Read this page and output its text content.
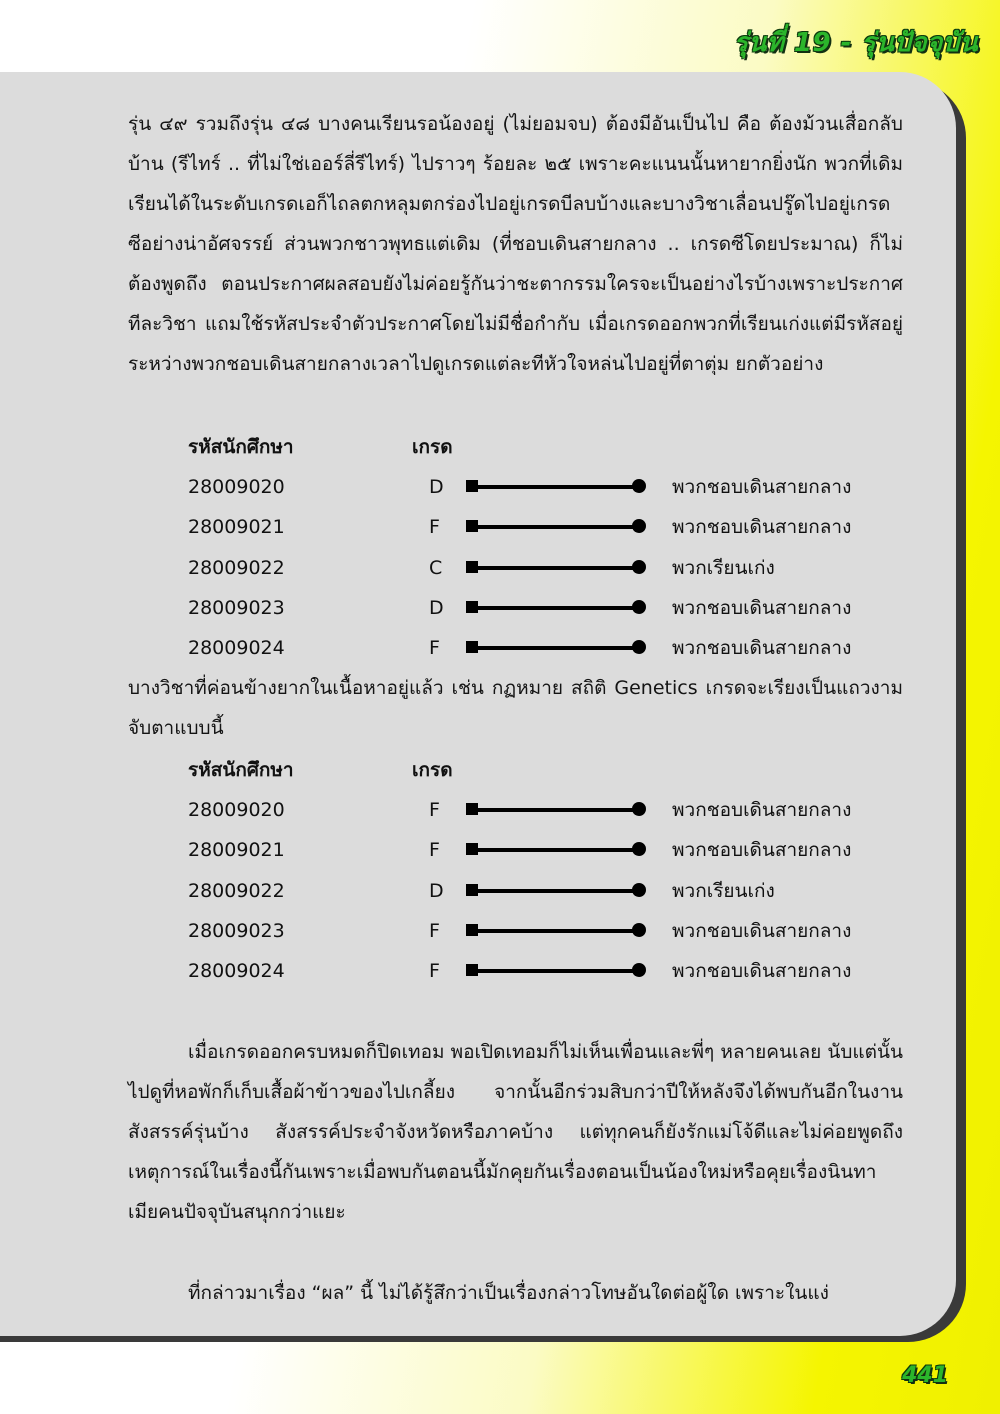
รุ่นที่ 19 - รุ่นปัจจุบัน
รุ่น ๔๙ รวมถึงรุ่น ๔๘ บางคนเรียนรอน้องอยู่ (ไม่ยอมจบ) ต้องมีอันเป็นไป คือ ต้องม้วนเสื่อกลับบ้าน (รีไทร์ .. ที่ไม่ใช่เออร์ลี่รีไทร์) ไปราวๆ ร้อยละ ๒๕ เพราะคะแนนนั้นหายากยิ่งนัก พวกที่เดิมเรียนได้ในระดับเกรดเอก็ไถลตกหลุมตกร่องไปอยู่เกรดบีลบบ้างและบางวิชาเลื่อนปรู๊ดไปอยู่เกรดซีอย่างน่าอัศจรรย์ ส่วนพวกชาวพุทธแต่เดิม (ที่ชอบเดินสายกลาง .. เกรดซีโดยประมาณ) ก็ไม่ต้องพูดถึง ตอนประกาศผลสอบยังไม่ค่อยรู้กันว่าชะตากรรมใครจะเป็นอย่างไรบ้างเพราะประกาศทีละวิชา แถมใช้รหัสประจำตัวประกาศโดยไม่มีชื่อกำกับ เมื่อเกรดออกพวกที่เรียนเก่งแต่มีรหัสอยู่ระหว่างพวกชอบเดินสายกลางเวลาไปดูเกรดแต่ละทีหัวใจหล่นไปอยู่ที่ตาตุ่ม ยกตัวอย่าง
รหัสนักศึกษา	เกรด
28009020	D	พวกชอบเดินสายกลาง
28009021	F	พวกชอบเดินสายกลาง
28009022	C	พวกเรียนเก่ง
28009023	D	พวกชอบเดินสายกลาง
28009024	F	พวกชอบเดินสายกลาง
บางวิชาที่ค่อนข้างยากในเนื้อหาอยู่แล้ว เช่น กฏหมาย สถิติ Genetics เกรดจะเรียงเป็นแถวงามจับตาแบบนี้
รหัสนักศึกษา	เกรด
28009020	F	พวกชอบเดินสายกลาง
28009021	F	พวกชอบเดินสายกลาง
28009022	D	พวกเรียนเก่ง
28009023	F	พวกชอบเดินสายกลาง
28009024	F	พวกชอบเดินสายกลาง
เมื่อเกรดออกครบหมดก็ปิดเทอม พอเปิดเทอมก็ไม่เห็นเพื่อนและพี่ๆ หลายคนเลย นับแต่นั้นไปดูที่หอพักก็เก็บเสื้อผ้าข้าวของไปเกลี้ยง จากนั้นอีกร่วมสิบกว่าปีให้หลังจึงได้พบกันอีกในงานสังสรรค์รุ่นบ้าง สังสรรค์ประจำจังหวัดหรือภาคบ้าง แต่ทุกคนก็ยังรักแม่โจ้ดีและไม่ค่อยพูดถึงเหตุการณ์ในเรื่องนี้กันเพราะเมื่อพบกันตอนนี้มักคุยกันเรื่องตอนเป็นน้องใหม่หรือคุยเรื่องนินทาเมียคนปัจจุบันสนุกกว่าแยะ
ที่กล่าวมาเรื่อง “ผล” นี้ ไม่ได้รู้สึกว่าเป็นเรื่องกล่าวโทษอันใดต่อผู้ใด เพราะในแง่
441
